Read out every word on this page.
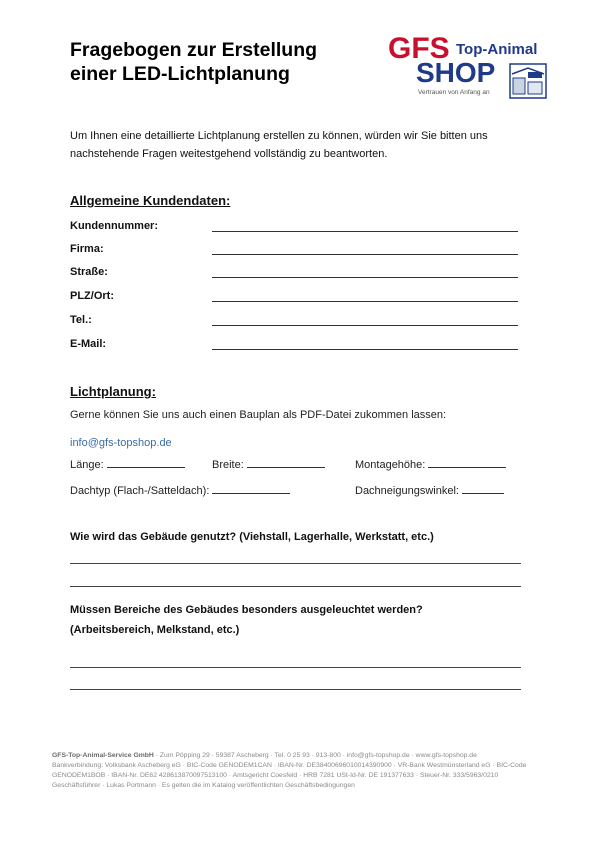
Fragebogen zur Erstellung
einer LED-Lichtplanung
GFS Top-Animal
SHOP
Vertrauen von Anfang an
Um Ihnen eine detaillierte Lichtplanung erstellen zu können, würden wir Sie bitten uns
nachstehende Fragen weitestgehend vollständig zu beantworten.
Allgemeine Kundendaten:
Kundennummer:
Firma:
Straße:
PLZ/Ort:
Tel.:
E-Mail:
Lichtplanung:
Gerne können Sie uns auch einen Bauplan als PDF-Datei zukommen lassen:
info@gfs-topshop.de
Länge:	Breite:	Montagehöhe:
Dachtyp (Flach-/Satteldach):	Dachneigungswinkel:
Wie wird das Gebäude genutzt? (Viehstall, Lagerhalle, Werkstatt, etc.)
Müssen Bereiche des Gebäudes besonders ausgeleuchtet werden?
(Arbeitsbereich, Melkstand, etc.)
GFS-Top-Animal-Service GmbH · Zum Pöpping 29 · 59387 Ascheberg · Tel. 0 25 93 · 913-800 · info@gfs-topshop.de · www.gfs-topshop.de
Bankverbindung: Volksbank Ascheberg eG · BIC-Code GENODEM1CAN · IBAN-Nr. DE38400696010014390900 · VR-Bank Westmünsterland eG · BIC-Code
GENODEM1BOB · IBAN-Nr. DE62 428613870097513100 · Amtsgericht Coesfeld · HRB 7281 USt-Id-Nr. DE 191377633 · Steuer-Nr. 333/5963/0210
Geschäftsführer · Lukas Portmann · Es gelten die im Katalog veröffentlichten Geschäftsbedingungen
